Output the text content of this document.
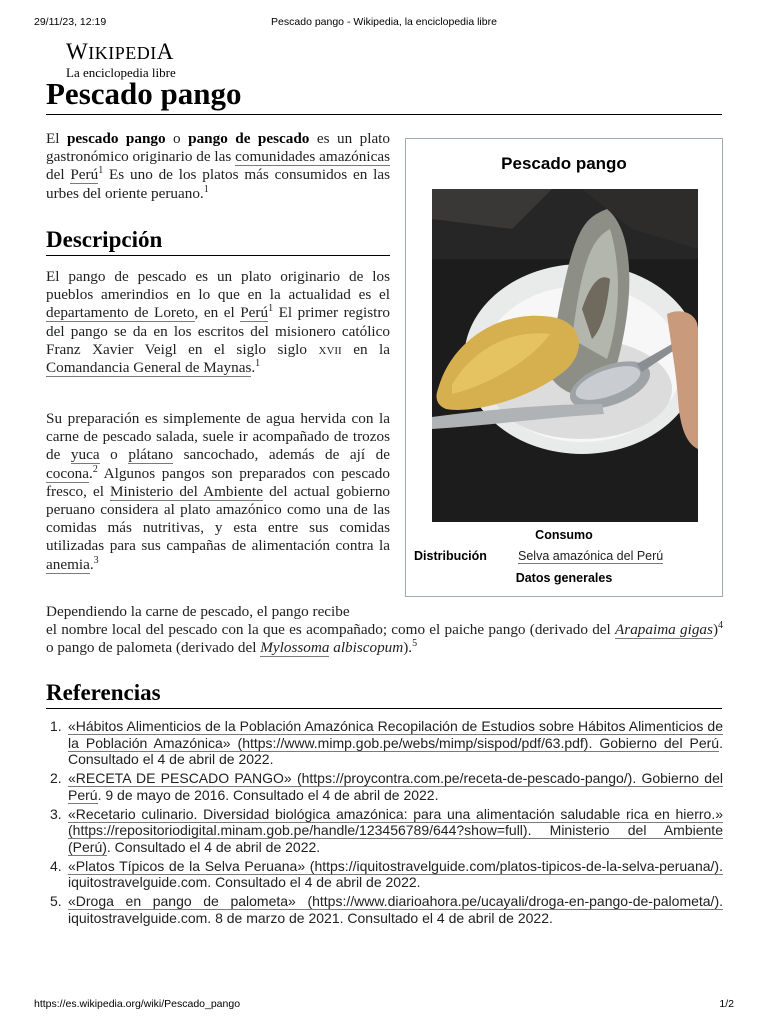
29/11/23, 12:19	Pescado pango - Wikipedia, la enciclopedia libre
WIKIPEDIA
La enciclopedia libre
Pescado pango

El pescado pango o pango de pescado es un plato gastronómico originario de las comunidades amazónicas del Perú$^1$ Es uno de los platos más consumidos en las urbes del oriente peruano.$^1$

Descripción

El pango de pescado es un plato originario de los pueblos amerindios en lo que en la actualidad es el departamento de Loreto, en el Perú$^1$ El primer registro del pango se da en los escritos del misionero católico Franz Xavier Veigl en el siglo siglo xvii en la Comandancia General de Maynas.$^1$

Su preparación es simplemente de agua hervida con la carne de pescado salada, suele ir acompañado de trozos de yuca o plátano sancochado, además de ají de cocona.$^2$ Algunos pangos son preparados con pescado fresco, el Ministerio del Ambiente del actual gobierno peruano considera al plato amazónico como una de las comidas más nutritivas, y esta entre sus comidas utilizadas para sus campañas de alimentación contra la anemia.$^3$

Dependiendo la carne de pescado, el pango recibe

el nombre local del pescado con la que es acompañado; como el paiche pango (derivado del Arapaima gigas)$^4$ o pango de palometa (derivado del Mylossoma albiscopum).$^5$

Pescado pango
Consumo
Distribución Selva amazónica del Perú
Datos generales
Referencias
1. «Hábitos Alimenticios de la Población Amazónica Recopilación de Estudios sobre Hábitos Alimenticios de la Población Amazónica» (https://www.mimp.gob.pe/webs/mimp/sispod/pdf/63.pdf). Gobierno del Perú. Consultado el 4 de abril de 2022.
2. «RECETA DE PESCADO PANGO» (https://proycontra.com.pe/receta-de-pescado-pango/). Gobierno del Perú. 9 de mayo de 2016. Consultado el 4 de abril de 2022.
3. «Recetario culinario. Diversidad biológica amazónica: para una alimentación saludable rica en hierro.» (https://repositoriodigital.minam.gob.pe/handle/123456789/644?show=full). Ministerio del Ambiente (Perú). Consultado el 4 de abril de 2022.
4. «Platos Típicos de la Selva Peruana» (https://iquitostravelguide.com/platos-tipicos-de-la-selva-peruana/). iquitostravelguide.com. Consultado el 4 de abril de 2022.
5. «Droga en pango de palometa» (https://www.diarioahora.pe/ucayali/droga-en-pango-de-palometa/). iquitostravelguide.com. 8 de marzo de 2021. Consultado el 4 de abril de 2022.
https://es.wikipedia.org/wiki/Pescado_pango	1/2
